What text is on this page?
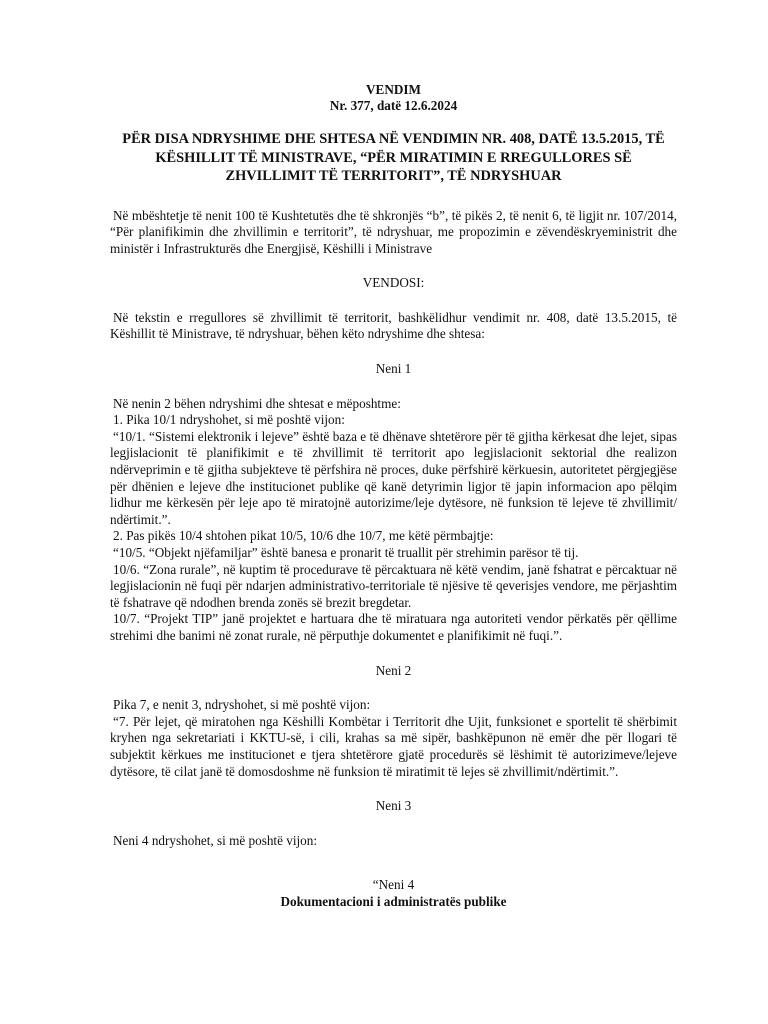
VENDIM
Nr. 377, datë 12.6.2024
PËR DISA NDRYSHIME DHE SHTESA NË VENDIMIN NR. 408, DATË 13.5.2015, TË KËSHILLIT TË MINISTRAVE, “PËR MIRATIMIN E RREGULLORES SË ZHVILLIMIT TË TERRITORIT”, TË NDRYSHUAR

Në mbështetje të nenit 100 të Kushtetutës dhe të shkronjës “b”, të pikës 2, të nenit 6, të ligjit nr. 107/2014, “Për planifikimin dhe zhvillimin e territorit”, të ndryshuar, me propozimin e zëvendëskryeministrit dhe ministër i Infrastrukturës dhe Energjisë, Këshilli i Ministrave

VENDOSI:

Në tekstin e rregullores së zhvillimit të territorit, bashkëlidhur vendimit nr. 408, datë 13.5.2015, të Këshillit të Ministrave, të ndryshuar, bëhen këto ndryshime dhe shtesa:

Neni 1

Në nenin 2 bëhen ndryshimi dhe shtesat e mëposhtme:

1. Pika 10/1 ndryshohet, si më poshtë vijon:

“10/1. “Sistemi elektronik i lejeve” është baza e të dhënave shtetërore për të gjitha kërkesat dhe lejet, sipas legjislacionit të planifikimit e të zhvillimit të territorit apo legjislacionit sektorial dhe realizon ndërveprimin e të gjitha subjekteve të përfshira në proces, duke përfshirë kërkuesin, autoritetet përgjegjëse për dhënien e lejeve dhe institucionet publike që kanë detyrimin ligjor të japin informacion apo pëlqim lidhur me kërkesën për leje apo të miratojnë autorizime/leje dytësore, në funksion të lejeve të zhvillimit/ ndërtimit.”.

2. Pas pikës 10/4 shtohen pikat 10/5, 10/6 dhe 10/7, me këtë përmbajtje:

“10/5. “Objekt njëfamiljar” është banesa e pronarit të truallit për strehimin parësor të tij.

10/6. “Zona rurale”, në kuptim të procedurave të përcaktuara në këtë vendim, janë fshatrat e përcaktuar në legjislacionin në fuqi për ndarjen administrativo-territoriale të njësive të qeverisjes vendore, me përjashtim të fshatrave që ndodhen brenda zonës së brezit bregdetar.

10/7. “Projekt TIP” janë projektet e hartuara dhe të miratuara nga autoriteti vendor përkatës për qëllime strehimi dhe banimi në zonat rurale, në përputhje dokumentet e planifikimit në fuqi.”.

Neni 2

Pika 7, e nenit 3, ndryshohet, si më poshtë vijon:

“7. Për lejet, që miratohen nga Këshilli Kombëtar i Territorit dhe Ujit, funksionet e sportelit të shërbimit kryhen nga sekretariati i KKTU-së, i cili, krahas sa më sipër, bashkëpunon në emër dhe për llogari të subjektit kërkues me institucionet e tjera shtetërore gjatë procedurës së lëshimit të autorizimeve/lejeve dytësore, të cilat janë të domosdoshme në funksion të miratimit të lejes së zhvillimit/ndërtimit.”.

Neni 3

Neni 4 ndryshohet, si më poshtë vijon:

“Neni 4

Dokumentacioni i administratës publike
